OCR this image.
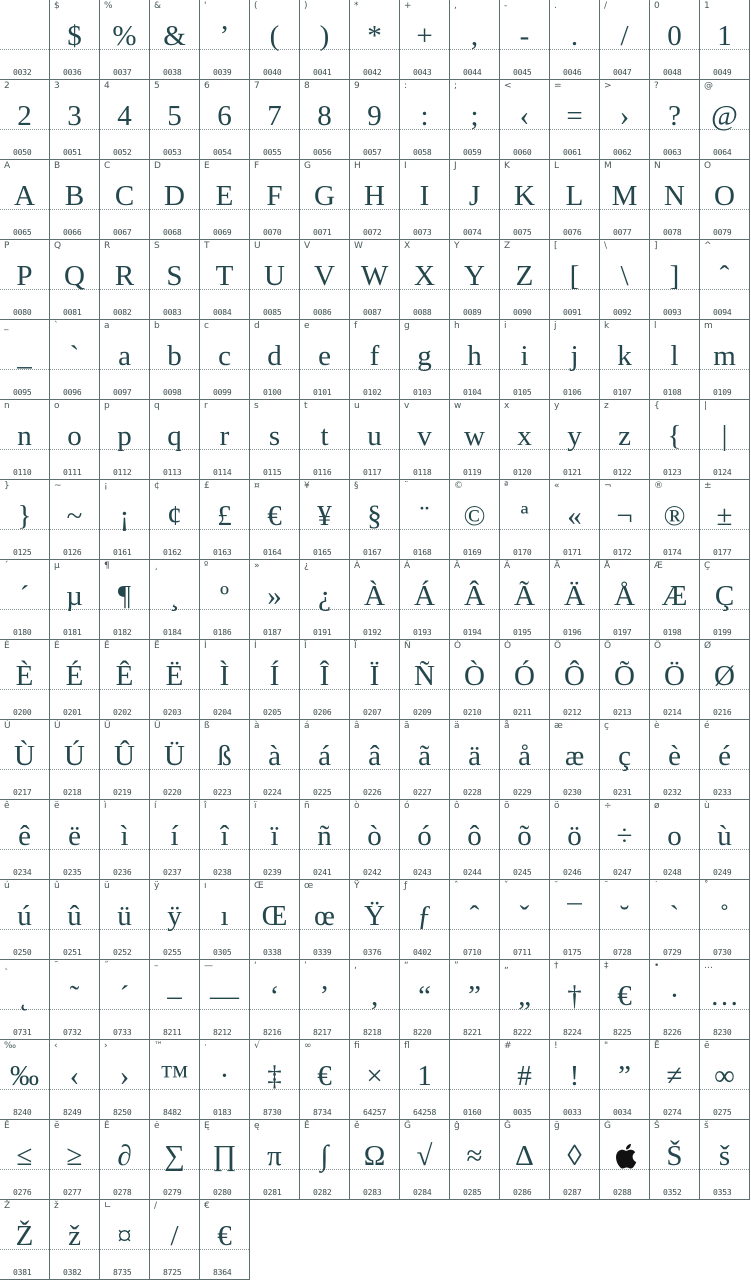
0032
$
$
0036
%
%
0037
&
&
0038
'
’
0039
(
(
0040
)
)
0041
*
*
0042
+
+
0043
,
,
0044
-
-
0045
.
.
0046
/
/
0047
0
0
0048
1
1
0049
2
2
0050
3
3
0051
4
4
0052
5
5
0053
6
6
0054
7
7
0055
8
8
0056
9
9
0057
:
:
0058
;
;
0059
<
‹
0060
=
=
0061
>
›
0062
?
?
0063
@
@
0064
A
A
0065
B
B
0066
C
C
0067
D
D
0068
E
E
0069
F
F
0070
G
G
0071
H
H
0072
I
I
0073
J
J
0074
K
K
0075
L
L
0076
M
M
0077
N
N
0078
O
O
0079
P
P
0080
Q
Q
0081
R
R
0082
S
S
0083
T
T
0084
U
U
0085
V
V
0086
W
W
0087
X
X
0088
Y
Y
0089
Z
Z
0090
[
[
0091
\
\
0092
]
]
0093
^
ˆ
0094
_
_
0095
`
`
0096
a
a
0097
b
b
0098
c
c
0099
d
d
0100
e
e
0101
f
f
0102
g
g
0103
h
h
0104
i
i
0105
j
j
0106
k
k
0107
l
l
0108
m
m
0109
n
n
0110
o
o
0111
p
p
0112
q
q
0113
r
r
0114
s
s
0115
t
t
0116
u
u
0117
v
v
0118
w
w
0119
x
x
0120
y
y
0121
z
z
0122
{
{
0123
|
|
0124
}
}
0125
~
~
0126
¡
¡
0161
¢
¢
0162
£
£
0163
¤
€
0164
¥
¥
0165
§
§
0167
¨
¨
0168
©
©
0169
ª
ª
0170
«
«
0171
¬
¬
0172
®
®
0174
±
±
0177
´
´
0180
µ
µ
0181
¶
¶
0182
¸
¸
0184
º
º
0186
»
»
0187
¿
¿
0191
À
À
0192
Á
Á
0193
Â
Â
0194
Ã
Ã
0195
Ä
Ä
0196
Å
Å
0197
Æ
Æ
0198
Ç
Ç
0199
È
È
0200
É
É
0201
Ê
Ê
0202
Ë
Ë
0203
Ì
Ì
0204
Í
Í
0205
Î
Î
0206
Ï
Ï
0207
Ñ
Ñ
0209
Ò
Ò
0210
Ó
Ó
0211
Ô
Ô
0212
Õ
Õ
0213
Ö
Ö
0214
Ø
Ø
0216
Ù
Ù
0217
Ú
Ú
0218
Û
Û
0219
Ü
Ü
0220
ß
ß
0223
à
à
0224
á
á
0225
â
â
0226
ã
ã
0227
ä
ä
0228
å
å
0229
æ
æ
0230
ç
ç
0231
è
è
0232
é
é
0233
ê
ê
0234
ë
ë
0235
ì
ì
0236
í
í
0237
î
î
0238
ï
ï
0239
ñ
ñ
0241
ò
ò
0242
ó
ó
0243
ô
ô
0244
õ
õ
0245
ö
ö
0246
÷
÷
0247
ø
o
0248
ù
ù
0249
ú
ú
0250
û
û
0251
ü
ü
0252
ÿ
ÿ
0255
ı
ı
0305
Œ
Œ
0338
œ
œ
0339
Ÿ
Ÿ
0376
ƒ
ƒ
0402
ˆ
ˆ
0710
ˇ
ˇ
0711
¯
¯
0175
˘
˘
0728
˙
`
0729
˚
˚
0730
˛
˛
0731
˜
˜
0732
˝
´
0733
–
–
8211
—
—
8212
‘
‘
8216
’
’
8217
‚
‚
8218
“
“
8220
”
”
8221
„
„
8222
†
†
8224
‡
€
8225
•
·
8226
…
…
8230
‰
‰
8240
‹
‹
8249
›
›
8250
™
™
8482
·
·
0183
√
‡
8730
∞
€
8734
ﬁ
×
64257
ﬂ
1
64258	0160
#
#
0035
!
!
0033
"
”
0034
Ē
≠
0274
ē
∞
0275
Ĕ
≤
0276
ĕ
≥
0277
Ė
∂
0278
ė
∑
0279
Ę
∏
0280
ę
π
0281
Ě
∫
0282
ě
Ω
0283
Ĝ
√
0284
ĝ
≈
0285
Ğ
Δ
0286
ğ
◊
0287
Ġ
0288
Š
Š
0352
š
š
0353
Ž
Ž
0381
ž
ž
0382
∟
¤
8735
∕
/
8725
€
€
8364
